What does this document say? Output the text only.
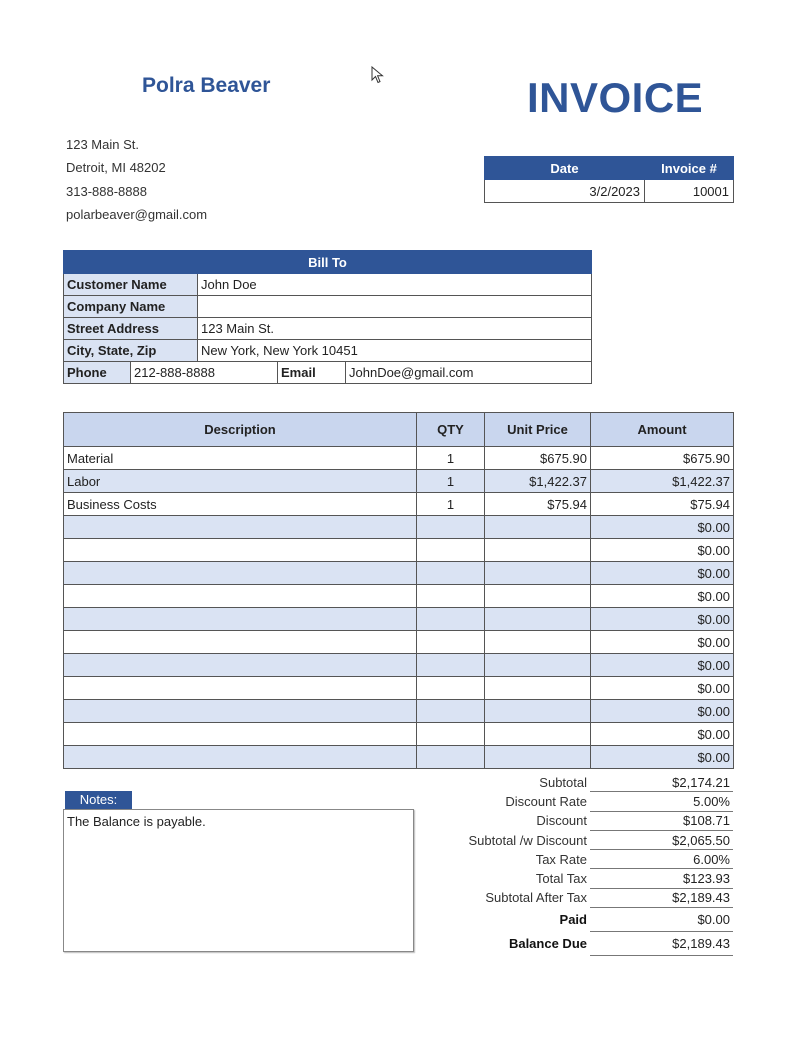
Polra Beaver	INVOICE
123 Main St.
Detroit, MI 48202
313-888-8888
polarbeaver@gmail.com
Date	Invoice #
3/2/2023	10001
Bill To				
Customer Name		John Doe		
Company Name				
Street Address		123 Main St.		
City, State, Zip		New York, New York 10451		
Phone	212-888-8888		Email	JohnDoe@gmail.com
Description	QTY	Unit Price	Amount
Material	1	$675.90	$675.90
Labor	1	$1,422.37	$1,422.37
Business Costs	1	$75.94	$75.94
			$0.00
			$0.00
			$0.00
			$0.00
			$0.00
			$0.00
			$0.00
			$0.00
			$0.00
			$0.00
			$0.00
Notes:
The Balance is payable.
Subtotal	$2,174.21
Discount Rate	5.00%
Discount	$108.71
Subtotal /w Discount	$2,065.50
Tax Rate	6.00%
Total Tax	$123.93
Subtotal After Tax	$2,189.43
Paid	$0.00
Balance Due	$2,189.43
